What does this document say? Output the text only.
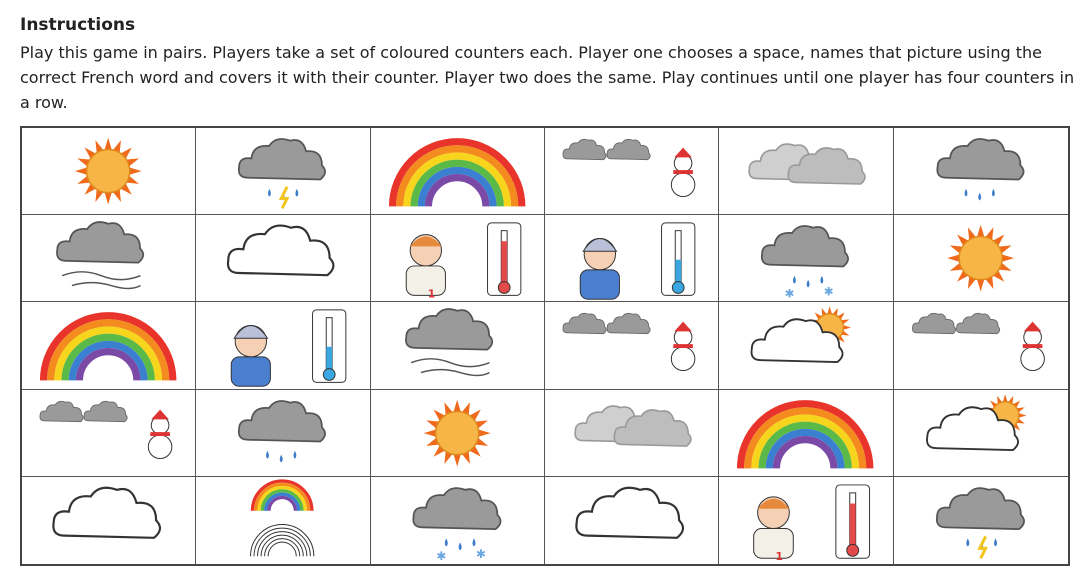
Instructions
Play this game in pairs. Players take a set of coloured counters each. Player one chooses a space, names that picture using the correct French word and covers it with their counter. Player two does the same. Play continues until one player has four counters in a row.
1	✱ ✱
✱ ✱	1
